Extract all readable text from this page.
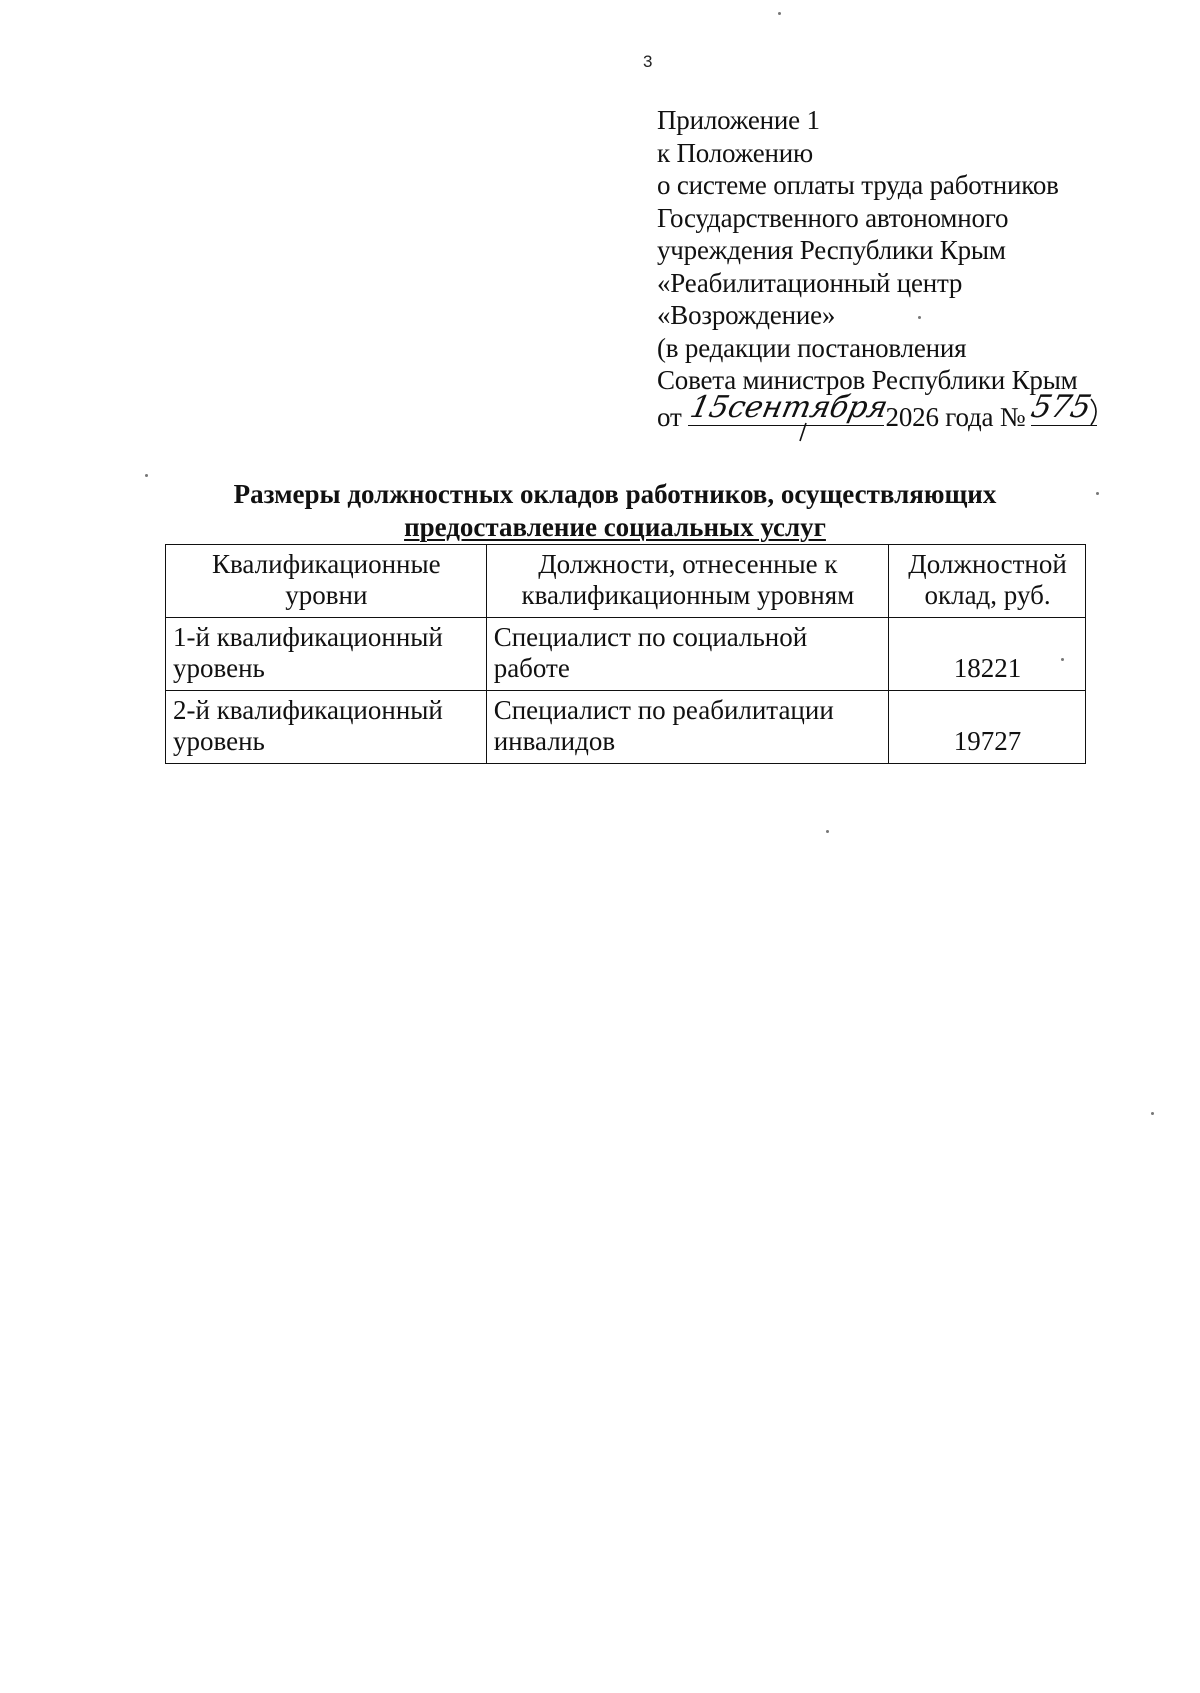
3
Приложение 1
к Положению
о системе оплаты труда работников
Государственного автономного
учреждения Республики Крым
«Реабилитационный центр
«Возрождение»
(в редакции постановления
Совета министров Республики Крым
от 15сентября
2026 года № 575
Размеры должностных окладов работников, осуществляющих
предоставление социальных услуг
Квалификационные уровни	Должности, отнесенные к квалификационным уровням	Должностной оклад, руб.
1-й квалификационный уровень	Специалист по социальной работе	18221
2-й квалификационный уровень	Специалист по реабилитации инвалидов	19727
